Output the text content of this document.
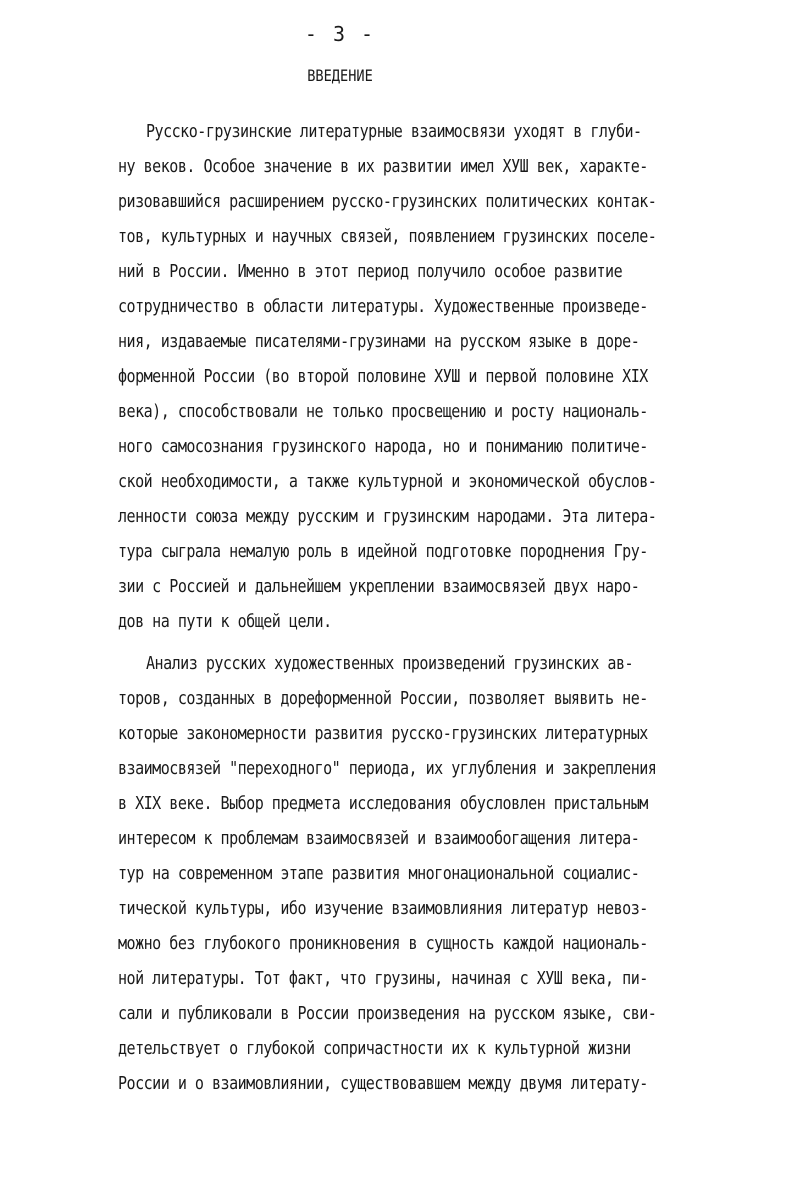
- 3 -
ВВЕДЕНИЕ
Русско-грузинские литературные взаимосвязи уходят в глуби-
ну веков. Особое значение в их развитии имел ХУШ век, характе-
ризовавшийся расширением русско-грузинских политических контак-
тов, культурных и научных связей, появлением грузинских поселе-
ний в России. Именно в этот период получило особое развитие
сотрудничество в области литературы. Художественные произведе-
ния, издаваемые писателями-грузинами на русском языке в доре-
форменной России (во второй половине ХУШ и первой половине XIX
века), способствовали не только просвещению и росту националь-
ного самосознания грузинского народа, но и пониманию политиче-
ской необходимости, а также культурной и экономической обуслов-
ленности союза между русским и грузинским народами. Эта литера-
тура сыграла немалую роль в идейной подготовке породнения Гру-
зии с Россией и дальнейшем укреплении взаимосвязей двух наро-
дов на пути к общей цели.
Анализ русских художественных произведений грузинских ав-
торов, созданных в дореформенной России, позволяет выявить не-
которые закономерности развития русско-грузинских литературных
взаимосвязей "переходного" периода, их углубления и закрепления
в XIX веке. Выбор предмета исследования обусловлен пристальным
интересом к проблемам взаимосвязей и взаимообогащения литера-
тур на современном этапе развития многонациональной социалис-
тической культуры, ибо изучение взаимовлияния литератур невоз-
можно без глубокого проникновения в сущность каждой националь-
ной литературы. Тот факт, что грузины, начиная с ХУШ века, пи-
сали и публиковали в России произведения на русском языке, сви-
детельствует о глубокой сопричастности их к культурной жизни
России и о взаимовлиянии, существовавшем между двумя литерату-
